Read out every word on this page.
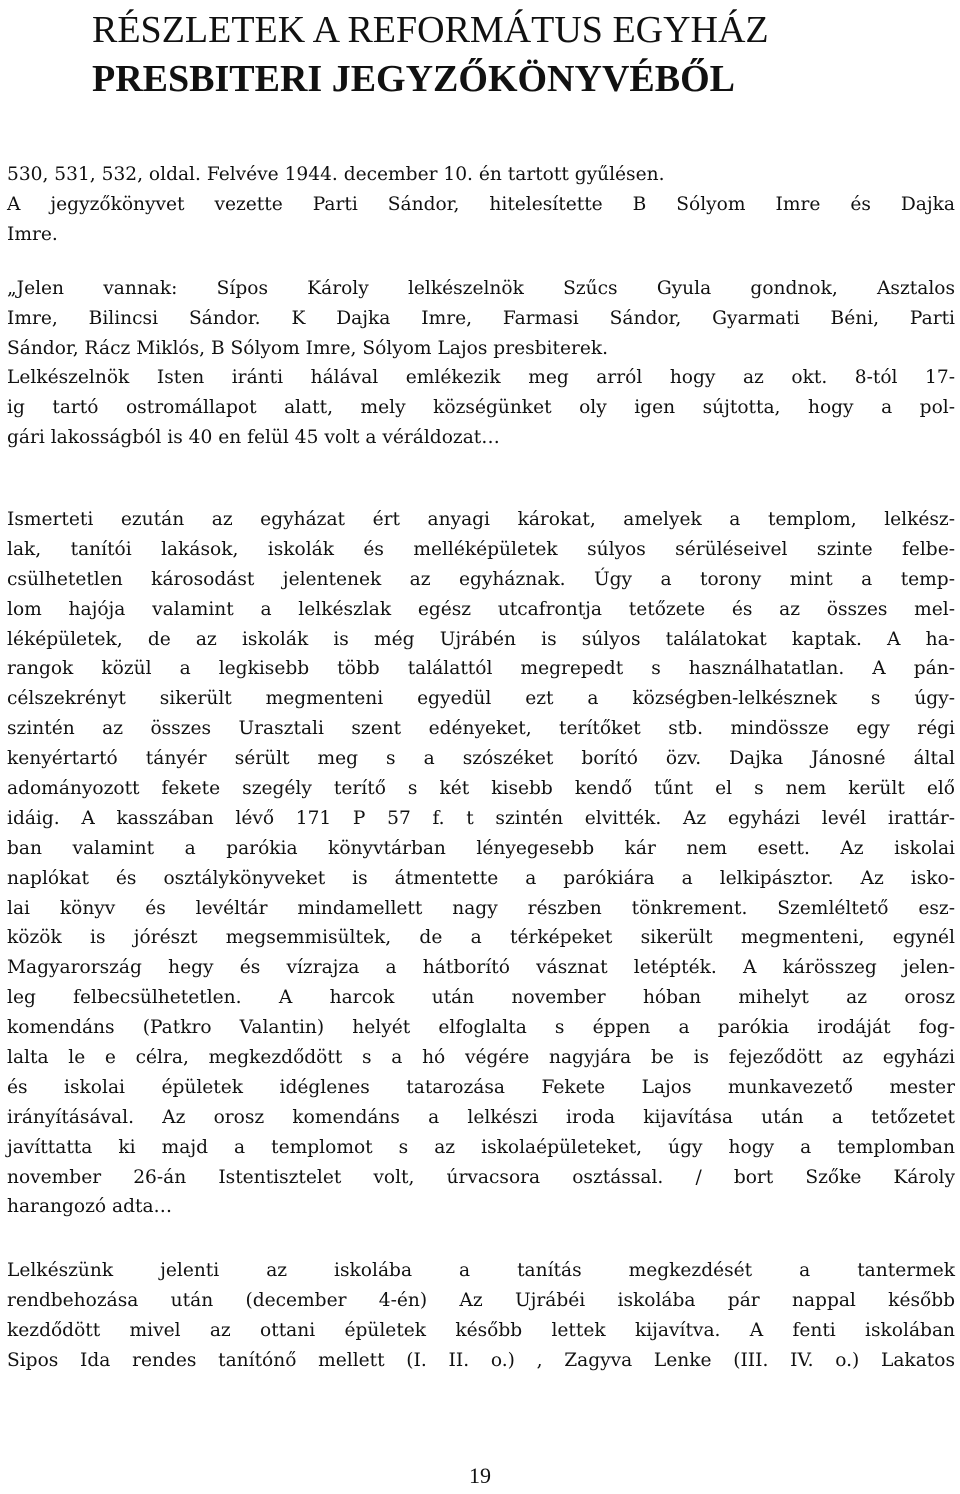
RÉSZLETEK A REFORMÁTUS EGYHÁZ
PRESBITERI JEGYZŐKÖNYVÉBŐL
530, 531, 532, oldal. Felvéve 1944. december 10. én tartott gyűlésen.
A jegyzőkönyvet vezette Parti Sándor, hitelesítette B Sólyom Imre és Dajka
Imre.
„Jelen vannak: Sípos Károly lelkészelnök Szűcs Gyula gondnok, Asztalos
Imre, Bilincsi Sándor. K Dajka Imre, Farmasi Sándor, Gyarmati Béni, Parti
Sándor, Rácz Miklós, B Sólyom Imre, Sólyom Lajos presbiterek.
Lelkészelnök Isten iránti hálával emlékezik meg arról hogy az okt. 8-tól 17-
ig tartó ostromállapot alatt, mely községünket oly igen sújtotta, hogy a pol-
gári lakosságból is 40 en felül 45 volt a véráldozat…
Ismerteti ezután az egyházat ért anyagi károkat, amelyek a templom, lelkész-
lak, tanítói lakások, iskolák és melléképületek súlyos sérüléseivel szinte felbe-
csülhetetlen károsodást jelentenek az egyháznak. Úgy a torony mint a temp-
lom hajója valamint a lelkészlak egész utcafrontja tetőzete és az összes mel-
léképületek, de az iskolák is még Ujrábén is súlyos találatokat kaptak. A ha-
rangok közül a legkisebb több találattól megrepedt s használhatatlan. A pán-
célszekrényt sikerült megmenteni egyedül ezt a községben-lelkésznek s úgy-
szintén az összes Urasztali szent edényeket, terítőket stb. mindössze egy régi
kenyértartó tányér sérült meg s a szószéket borító özv. Dajka Jánosné által
adományozott fekete szegély terítő s két kisebb kendő tűnt el s nem került elő
idáig. A kasszában lévő 171 P 57 f. t szintén elvitték. Az egyházi levél irattár-
ban valamint a parókia könyvtárban lényegesebb kár nem esett. Az iskolai
naplókat és osztálykönyveket is átmentette a parókiára a lelkipásztor. Az isko-
lai könyv és levéltár mindamellett nagy részben tönkrement. Szemléltető esz-
közök is jórészt megsemmisültek, de a térképeket sikerült megmenteni, egynél
Magyarország hegy és vízrajza a hátborító vásznat letépték. A kárösszeg jelen-
leg felbecsülhetetlen. A harcok után november hóban mihelyt az orosz
komendáns (Patkro Valantin) helyét elfoglalta s éppen a parókia irodáját fog-
lalta le e célra, megkezdődött s a hó végére nagyjára be is fejeződött az egyházi
és iskolai épületek idéglenes tatarozása Fekete Lajos munkavezető mester
irányításával. Az orosz komendáns a lelkészi iroda kijavítása után a tetőzetet
javíttatta ki majd a templomot s az iskolaépületeket, úgy hogy a templomban
november 26-án Istentisztelet volt, úrvacsora osztással. / bort Szőke Károly
harangozó adta…
Lelkészünk jelenti az iskolába a tanítás megkezdését a tantermek
rendbehozása után (december 4-én) Az Ujrábéi iskolába pár nappal később
kezdődött mivel az ottani épületek később lettek kijavítva. A fenti iskolában
Sipos Ida rendes tanítónő mellett (I. II. o.) , Zagyva Lenke (III. IV. o.) Lakatos
19
